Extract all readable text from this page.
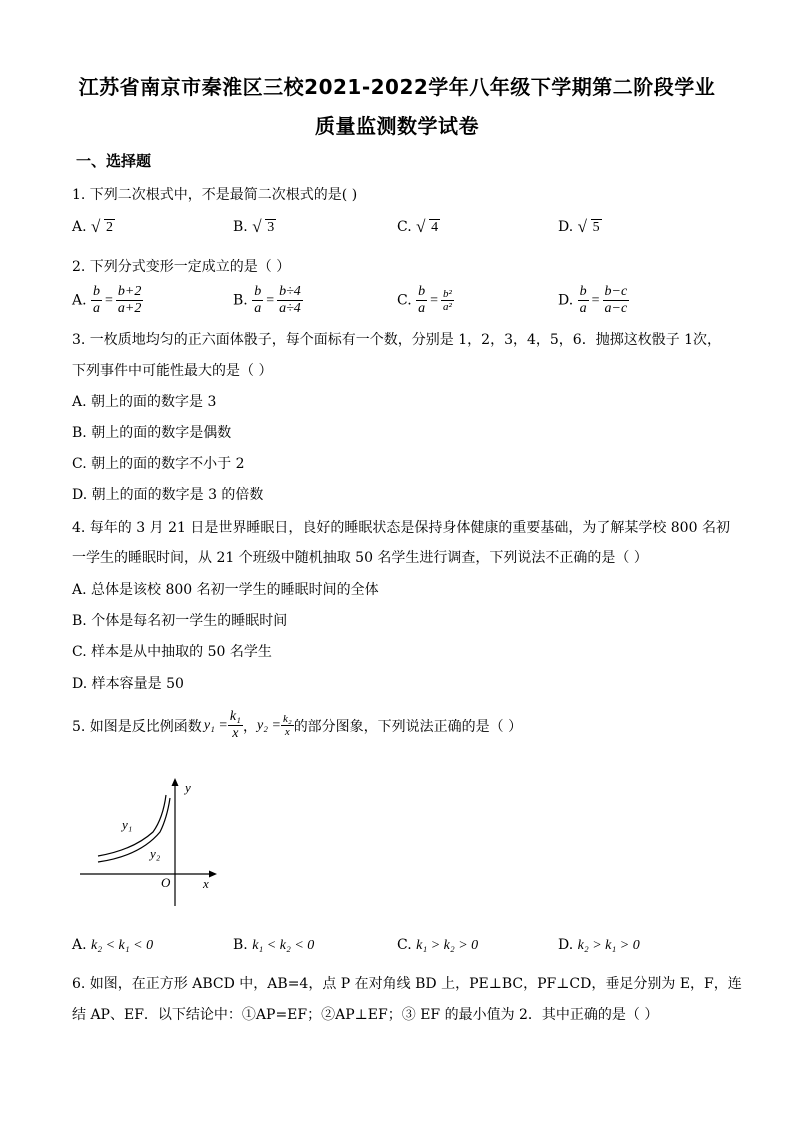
江苏省南京市秦淮区三校2021-2022学年八年级下学期第二阶段学业
质量监测数学试卷
一、选择题
1. 下列二次根式中，不是最简二次根式的是( )
A. √ 2	B. √ 3	C. √ 4	D. √ 5
2. 下列分式变形一定成立的是（ ）
A. $\frac{b}{a} = \frac{b+2}{a+2}$	B. $\frac{b}{a} = \frac{b\div 4}{a\div 4}$	C. $\frac{b}{a} = \frac{\text{b²}}{\text{a²}}$	D. $\frac{b}{a} = \frac{b-c}{a-c}$
3. 一枚质地均匀的正六面体骰子，每个面标有一个数，分别是 1，2，3，4，5，6．抛掷这枚骰子 1次，
下列事件中可能性最大的是（ ）
A. 朝上的面的数字是 3
B. 朝上的面的数字是偶数
C. 朝上的面的数字不小于 2
D. 朝上的面的数字是 3 的倍数
4. 每年的 3 月 21 日是世界睡眠日，良好的睡眠状态是保持身体健康的重要基础，为了解某学校 800 名初
一学生的睡眠时间，从 21 个班级中随机抽取 50 名学生进行调查，下列说法不正确的是（ ）
A. 总体是该校 800 名初一学生的睡眠时间的全体
B. 个体是每名初一学生的睡眠时间
C. 样本是从中抽取的 50 名学生
D. 样本容量是 50
5. 如图是反比例函数 $y_1 = \frac{\text{k₁}}{x}$ ， $y_2 = \frac{\text{k₂}}{x}$ 的部分图象，下列说法正确的是（ ）
y
x
O
y₁
y₂
A. k₂ < k₁ < 0	B. k₁ < k₂ < 0	C. k₁ > k₂ > 0	D. k₂ > k₁ > 0
6. 如图，在正方形 ABCD 中，AB=4，点 P 在对角线 BD 上，PE⊥BC，PF⊥CD，垂足分别为 E，F，连
结 AP、EF．以下结论中：①AP=EF；②AP⊥EF；③ EF 的最小值为 2．其中正确的是（ ）
